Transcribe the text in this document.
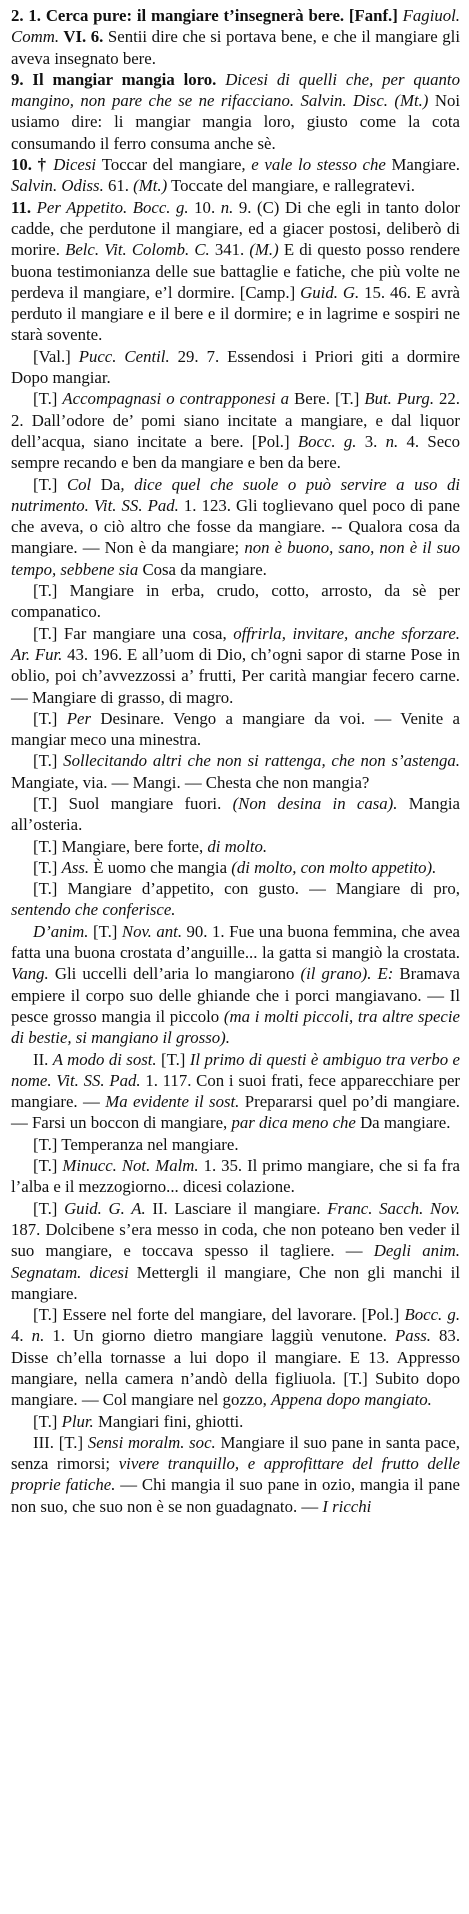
2. 1. Cerca pure: il mangiare t’insegnerà bere. [Fanf.] Fagiuol. Comm. VI. 6. Sentii dire che si portava bene, e che il mangiare gli aveva insegnato bere.

9. Il mangiar mangia loro. Dicesi di quelli che, per quanto mangino, non pare che se ne rifacciano. Salvin. Disc. (Mt.) Noi usiamo dire: li mangiar mangia loro, giusto come la cota consumando il ferro consuma anche sè.

10. † Dicesi Toccar del mangiare, e vale lo stesso che Mangiare. Salvin. Odiss. 61. (Mt.) Toccate del mangiare, e rallegratevi.

11. Per Appetito. Bocc. g. 10. n. 9. (C) Di che egli in tanto dolor cadde, che perdutone il mangiare, ed a giacer postosi, deliberò di morire. Belc. Vit. Colomb. C. 341. (M.) E di questo posso rendere buona testimonianza delle sue battaglie e fatiche, che più volte ne perdeva il mangiare, e’l dormire. [Camp.] Guid. G. 15. 46. E avrà perduto il mangiare e il bere e il dormire; e in lagrime e sospiri ne starà sovente.

[Val.] Pucc. Centil. 29. 7. Essendosi i Priori giti a dormire Dopo mangiar.

[T.] Accompagnasi o contrapponesi a Bere. [T.] But. Purg. 22. 2. Dall’odore de’ pomi siano incitate a mangiare, e dal liquor dell’acqua, siano incitate a bere. [Pol.] Bocc. g. 3. n. 4. Seco sempre recando e ben da mangiare e ben da bere.

[T.] Col Da, dice quel che suole o può servire a uso di nutrimento. Vit. SS. Pad. 1. 123. Gli toglievano quel poco di pane che aveva, o ciò altro che fosse da mangiare. -- Qualora cosa da mangiare. — Non è da mangiare; non è buono, sano, non è il suo tempo, sebbene sia Cosa da mangiare.

[T.] Mangiare in erba, crudo, cotto, arrosto, da sè per companatico.

[T.] Far mangiare una cosa, offrirla, invitare, anche sforzare. Ar. Fur. 43. 196. E all’uom di Dio, ch’ogni sapor di starne Pose in oblio, poi ch’avvezzossi a’ frutti, Per carità mangiar fecero carne. — Mangiare di grasso, di magro.

[T.] Per Desinare. Vengo a mangiare da voi. — Venite a mangiar meco una minestra.

[T.] Sollecitando altri che non si rattenga, che non s’astenga. Mangiate, via. — Mangi. — Chesta che non mangia?

[T.] Suol mangiare fuori. (Non desina in casa). Mangia all’osteria.

[T.] Mangiare, bere forte, di molto.

[T.] Ass. È uomo che mangia (di molto, con molto appetito).

[T.] Mangiare d’appetito, con gusto. — Mangiare di pro, sentendo che conferisce.

D’anim. [T.] Nov. ant. 90. 1. Fue una buona femmina, che avea fatta una buona crostata d’anguille... la gatta si mangiò la crostata. Vang. Gli uccelli dell’aria lo mangiarono (il grano). E: Bramava empiere il corpo suo delle ghiande che i porci mangiavano. — Il pesce grosso mangia il piccolo (ma i molti piccoli, tra altre specie di bestie, si mangiano il grosso).

II. A modo di sost. [T.] Il primo di questi è ambiguo tra verbo e nome. Vit. SS. Pad. 1. 117. Con i suoi frati, fece apparecchiare per mangiare. — Ma evidente il sost. Prepararsi quel po’di mangiare. — Farsi un boccon di mangiare, par dica meno che Da mangiare.

[T.] Temperanza nel mangiare.

[T.] Minucc. Not. Malm. 1. 35. Il primo mangiare, che si fa fra l’alba e il mezzogiorno... dicesi colazione.

[T.] Guid. G. A. II. Lasciare il mangiare. Franc. Sacch. Nov. 187. Dolcibene s’era messo in coda, che non poteano ben veder il suo mangiare, e toccava spesso il tagliere. — Degli anim. Segnatam. dicesi Mettergli il mangiare, Che non gli manchi il mangiare.

[T.] Essere nel forte del mangiare, del lavorare. [Pol.] Bocc. g. 4. n. 1. Un giorno dietro mangiare laggiù venutone. Pass. 83. Disse ch’ella tornasse a lui dopo il mangiare. E 13. Appresso mangiare, nella camera n’andò della figliuola. [T.] Subito dopo mangiare. — Col mangiare nel gozzo, Appena dopo mangiato.

[T.] Plur. Mangiari fini, ghiotti.

III. [T.] Sensi moralm. soc. Mangiare il suo pane in santa pace, senza rimorsi; vivere tranquillo, e approfittare del frutto delle proprie fatiche. — Chi mangia il suo pane in ozio, mangia il pane non suo, che suo non è se non guadagnato. — I ricchi
